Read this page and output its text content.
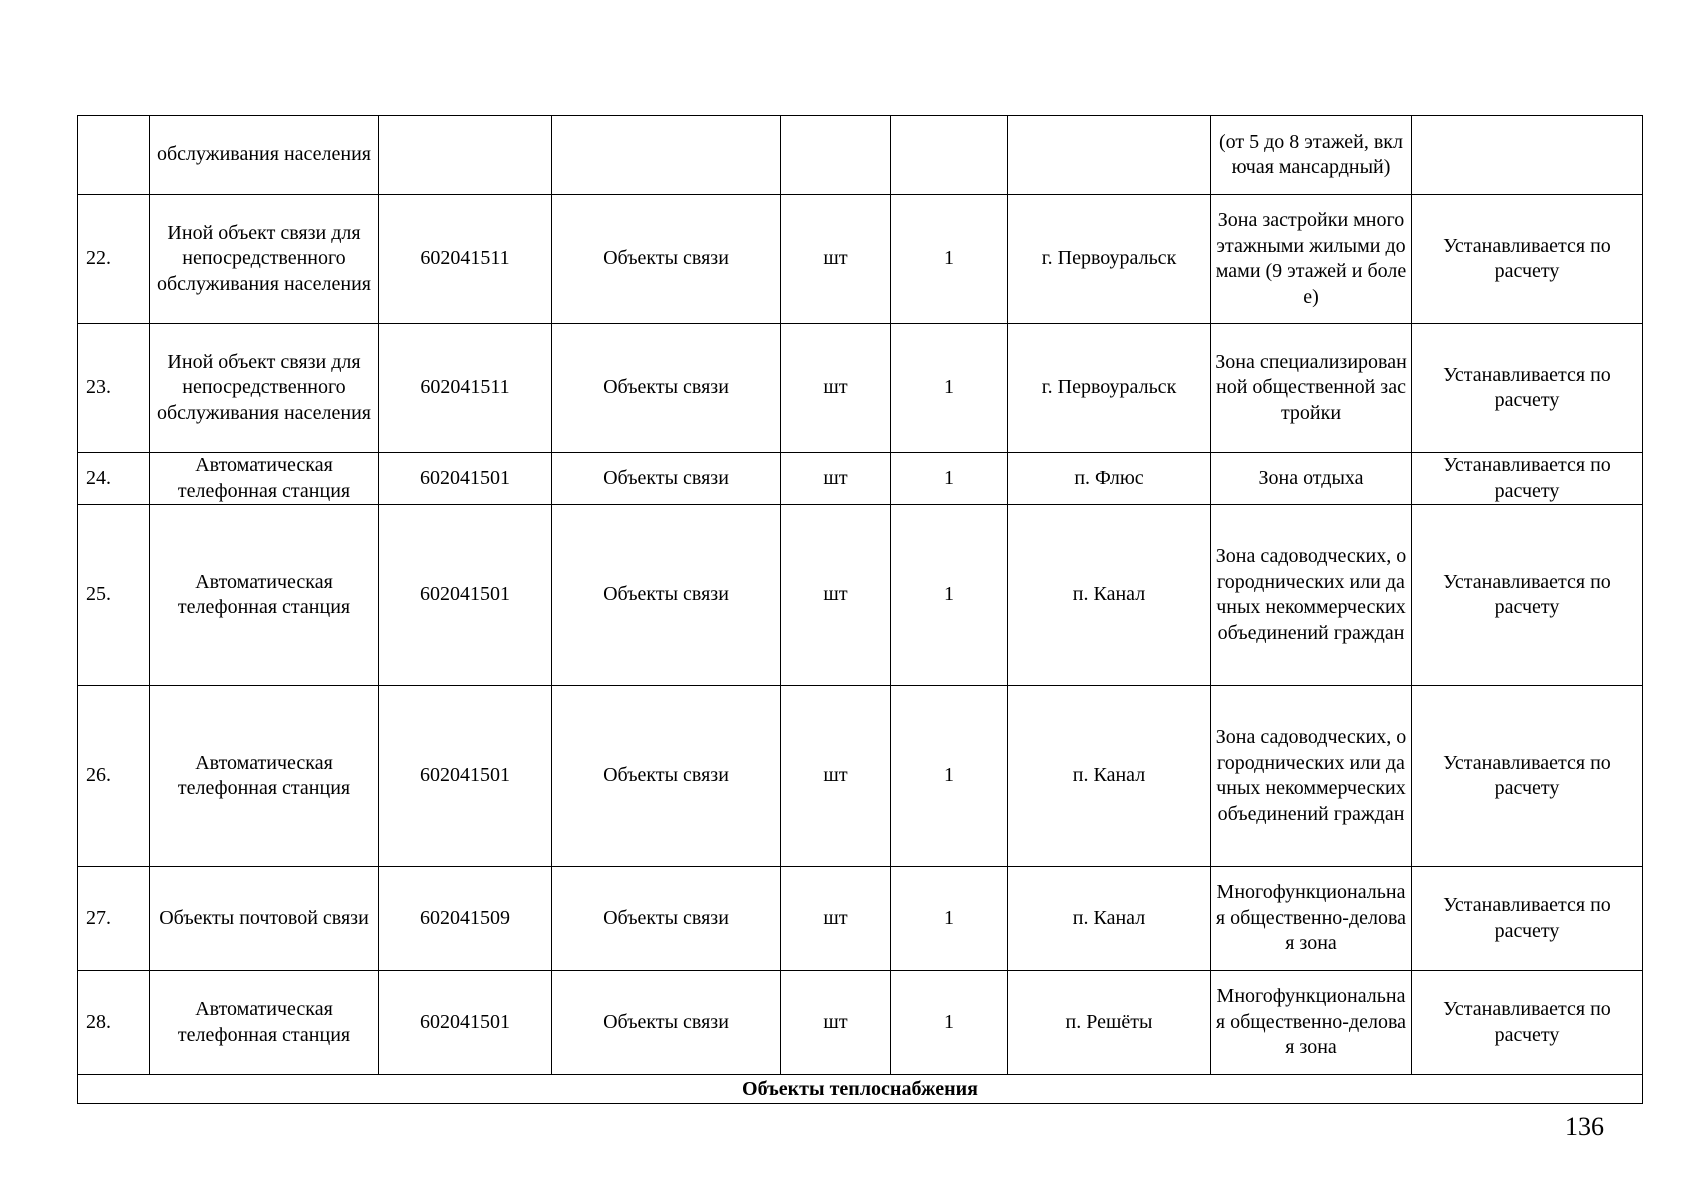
	обслуживания населения						(от 5 до 8 этажей, включая мансардный)	
22.	Иной объект связи для непосредственного обслуживания населения	602041511	Объекты связи	шт	1	г. Первоуральск	Зона застройки многоэтажными жилыми домами (9 этажей и более)	Устанавливается по расчету
23.	Иной объект связи для непосредственного обслуживания населения	602041511	Объекты связи	шт	1	г. Первоуральск	Зона специализированной общественной застройки	Устанавливается по расчету
24.	Автоматическая телефонная станция	602041501	Объекты связи	шт	1	п. Флюс	Зона отдыха	Устанавливается по расчету
25.	Автоматическая телефонная станция	602041501	Объекты связи	шт	1	п. Канал	Зона садоводческих, огороднических или дачных некоммерческих объединений граждан	Устанавливается по расчету
26.	Автоматическая телефонная станция	602041501	Объекты связи	шт	1	п. Канал	Зона садоводческих, огороднических или дачных некоммерческих объединений граждан	Устанавливается по расчету
27.	Объекты почтовой связи	602041509	Объекты связи	шт	1	п. Канал	Многофункциональная общественно-деловая зона	Устанавливается по расчету
28.	Автоматическая телефонная станция	602041501	Объекты связи	шт	1	п. Решёты	Многофункциональная общественно-деловая зона	Устанавливается по расчету
Объекты теплоснабжения								
136
